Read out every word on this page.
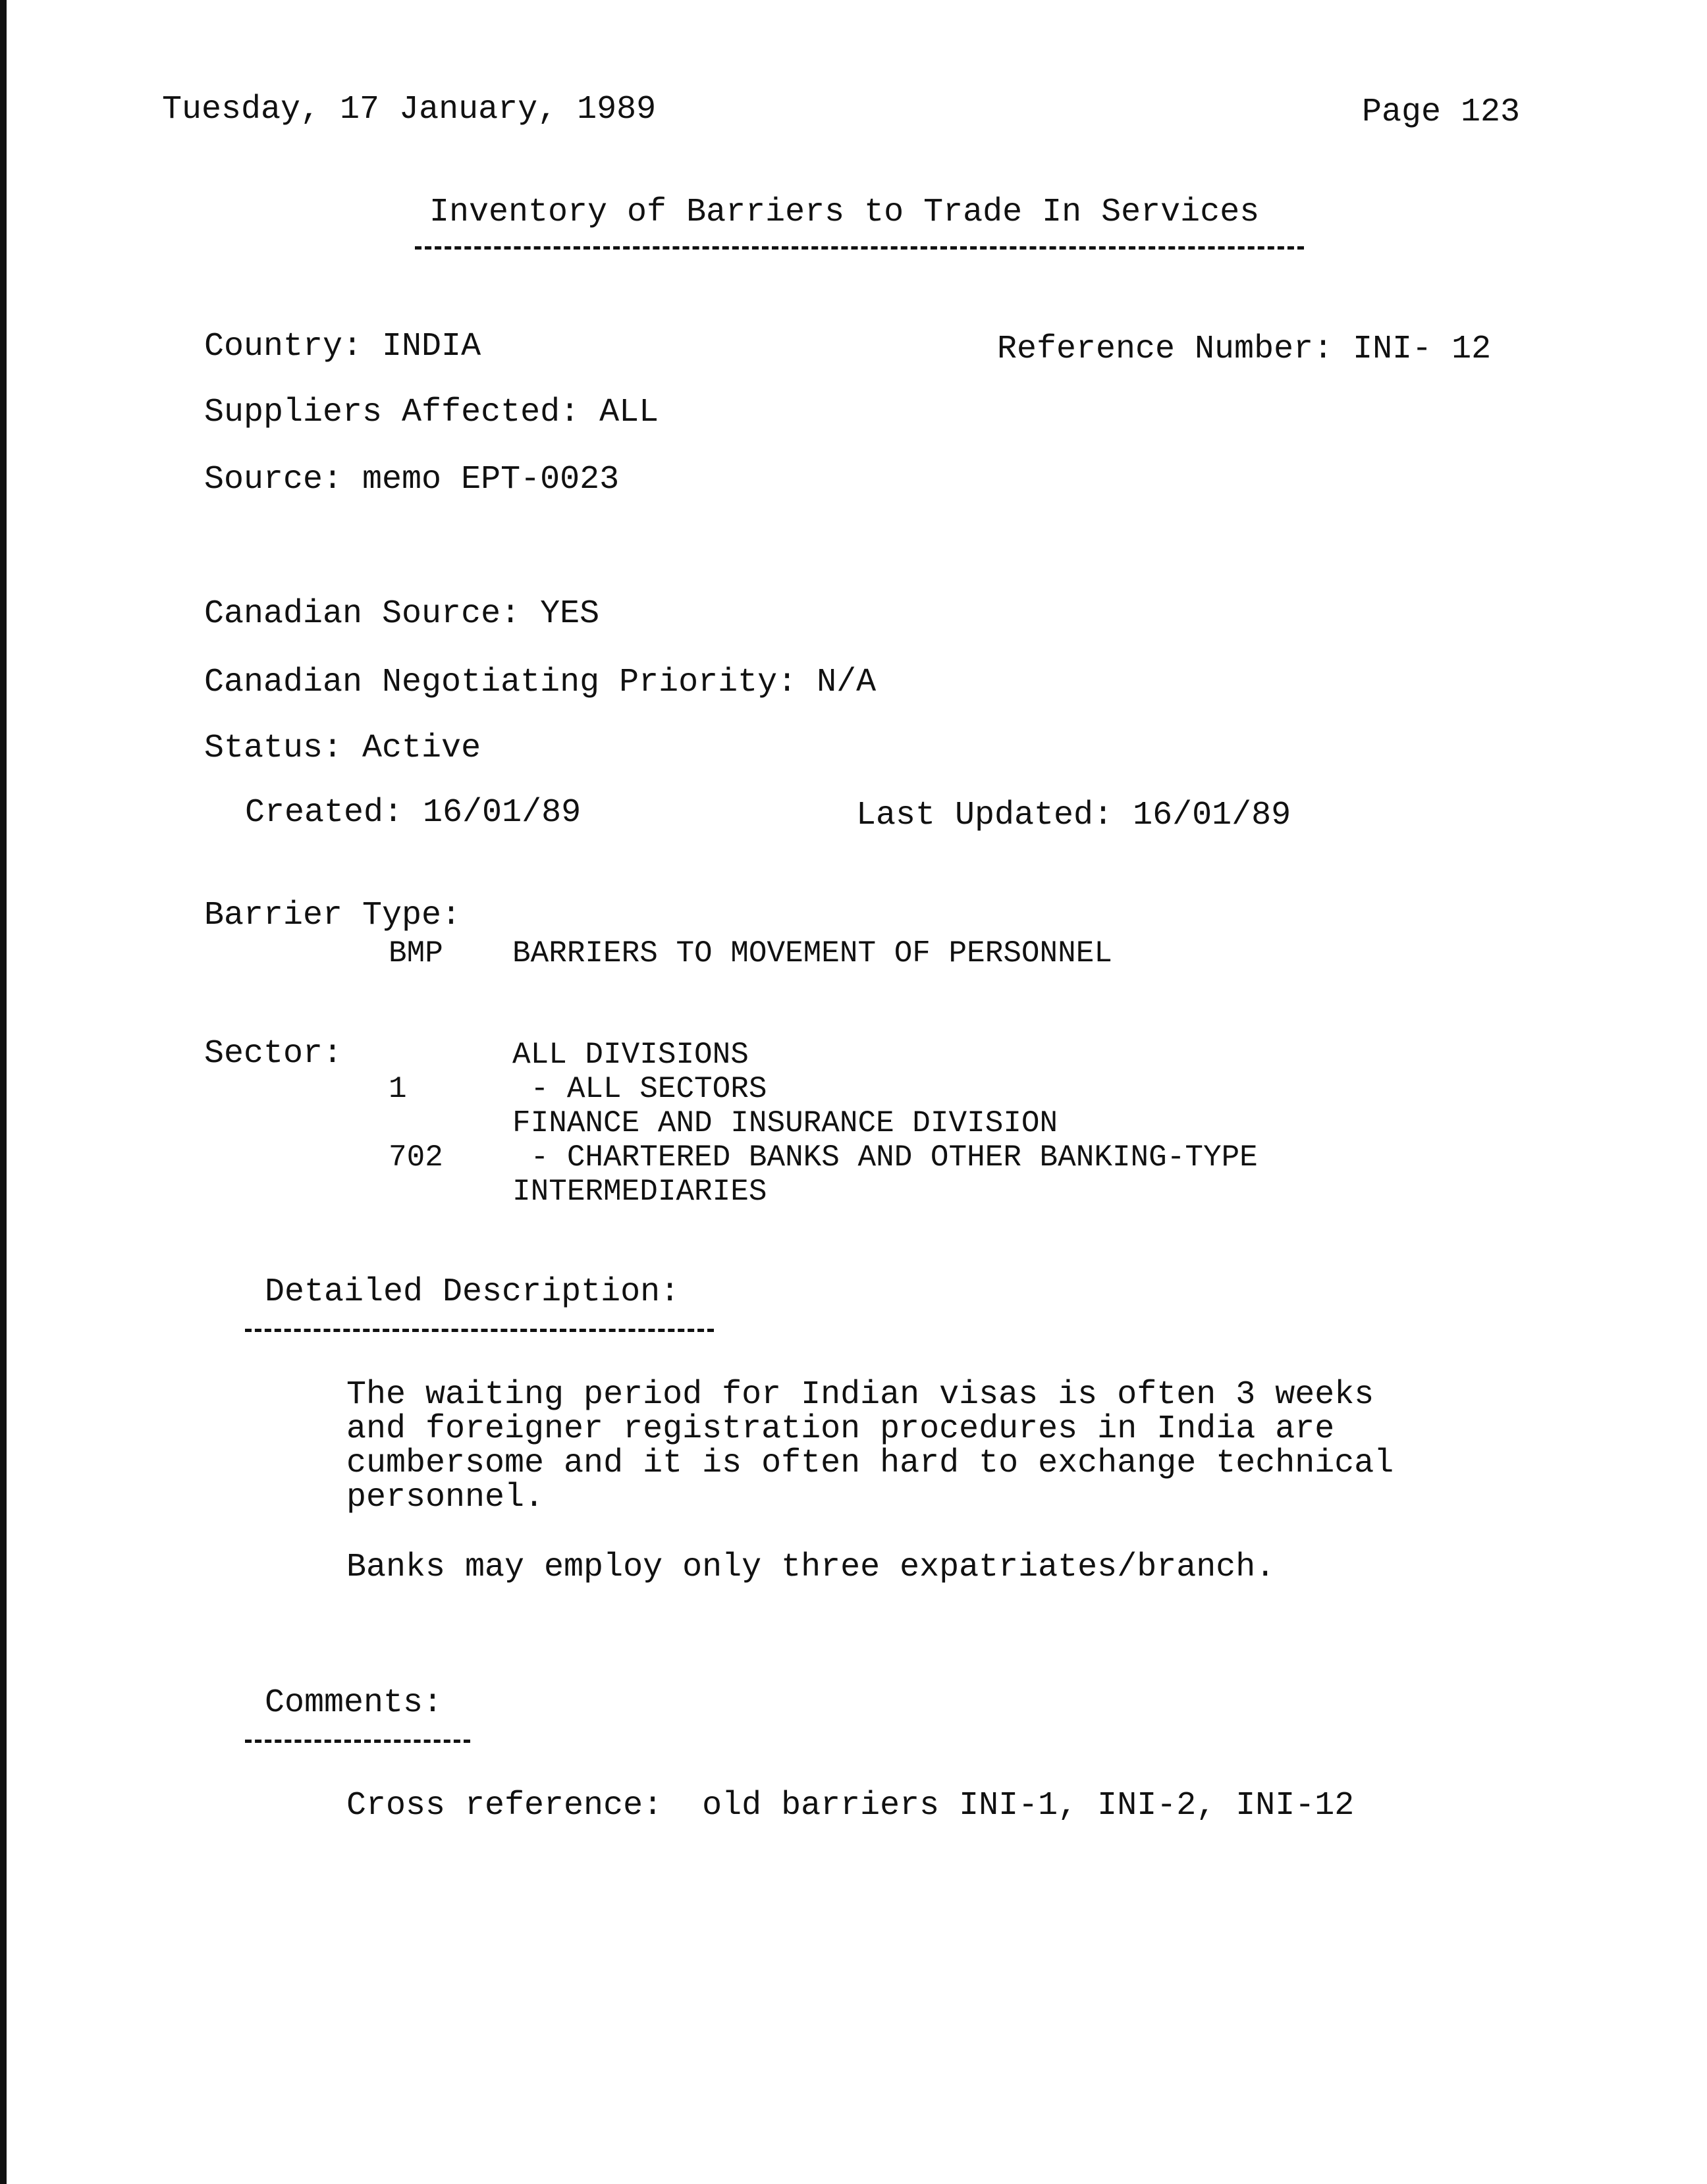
Tuesday, 17 January, 1989	Page 123
Inventory of Barriers to Trade In Services
Country: INDIA	Reference Number: INI- 12
Suppliers Affected: ALL
Source: memo EPT-0023
Canadian Source: YES
Canadian Negotiating Priority: N/A
Status: Active
Created: 16/01/89	Last Updated: 16/01/89
Barrier Type:
BMP BARRIERS TO MOVEMENT OF PERSONNEL
Sector:	ALL DIVISIONS
1	- ALL SECTORS
FINANCE AND INSURANCE DIVISION
702 - CHARTERED BANKS AND OTHER BANKING-TYPE
INTERMEDIARIES
Detailed Description:
The waiting period for Indian visas is often 3 weeks
and foreigner registration procedures in India are
cumbersome and it is often hard to exchange technical
personnel.
Banks may employ only three expatriates/branch.
Comments:
Cross reference:  old barriers INI-1, INI-2, INI-12
